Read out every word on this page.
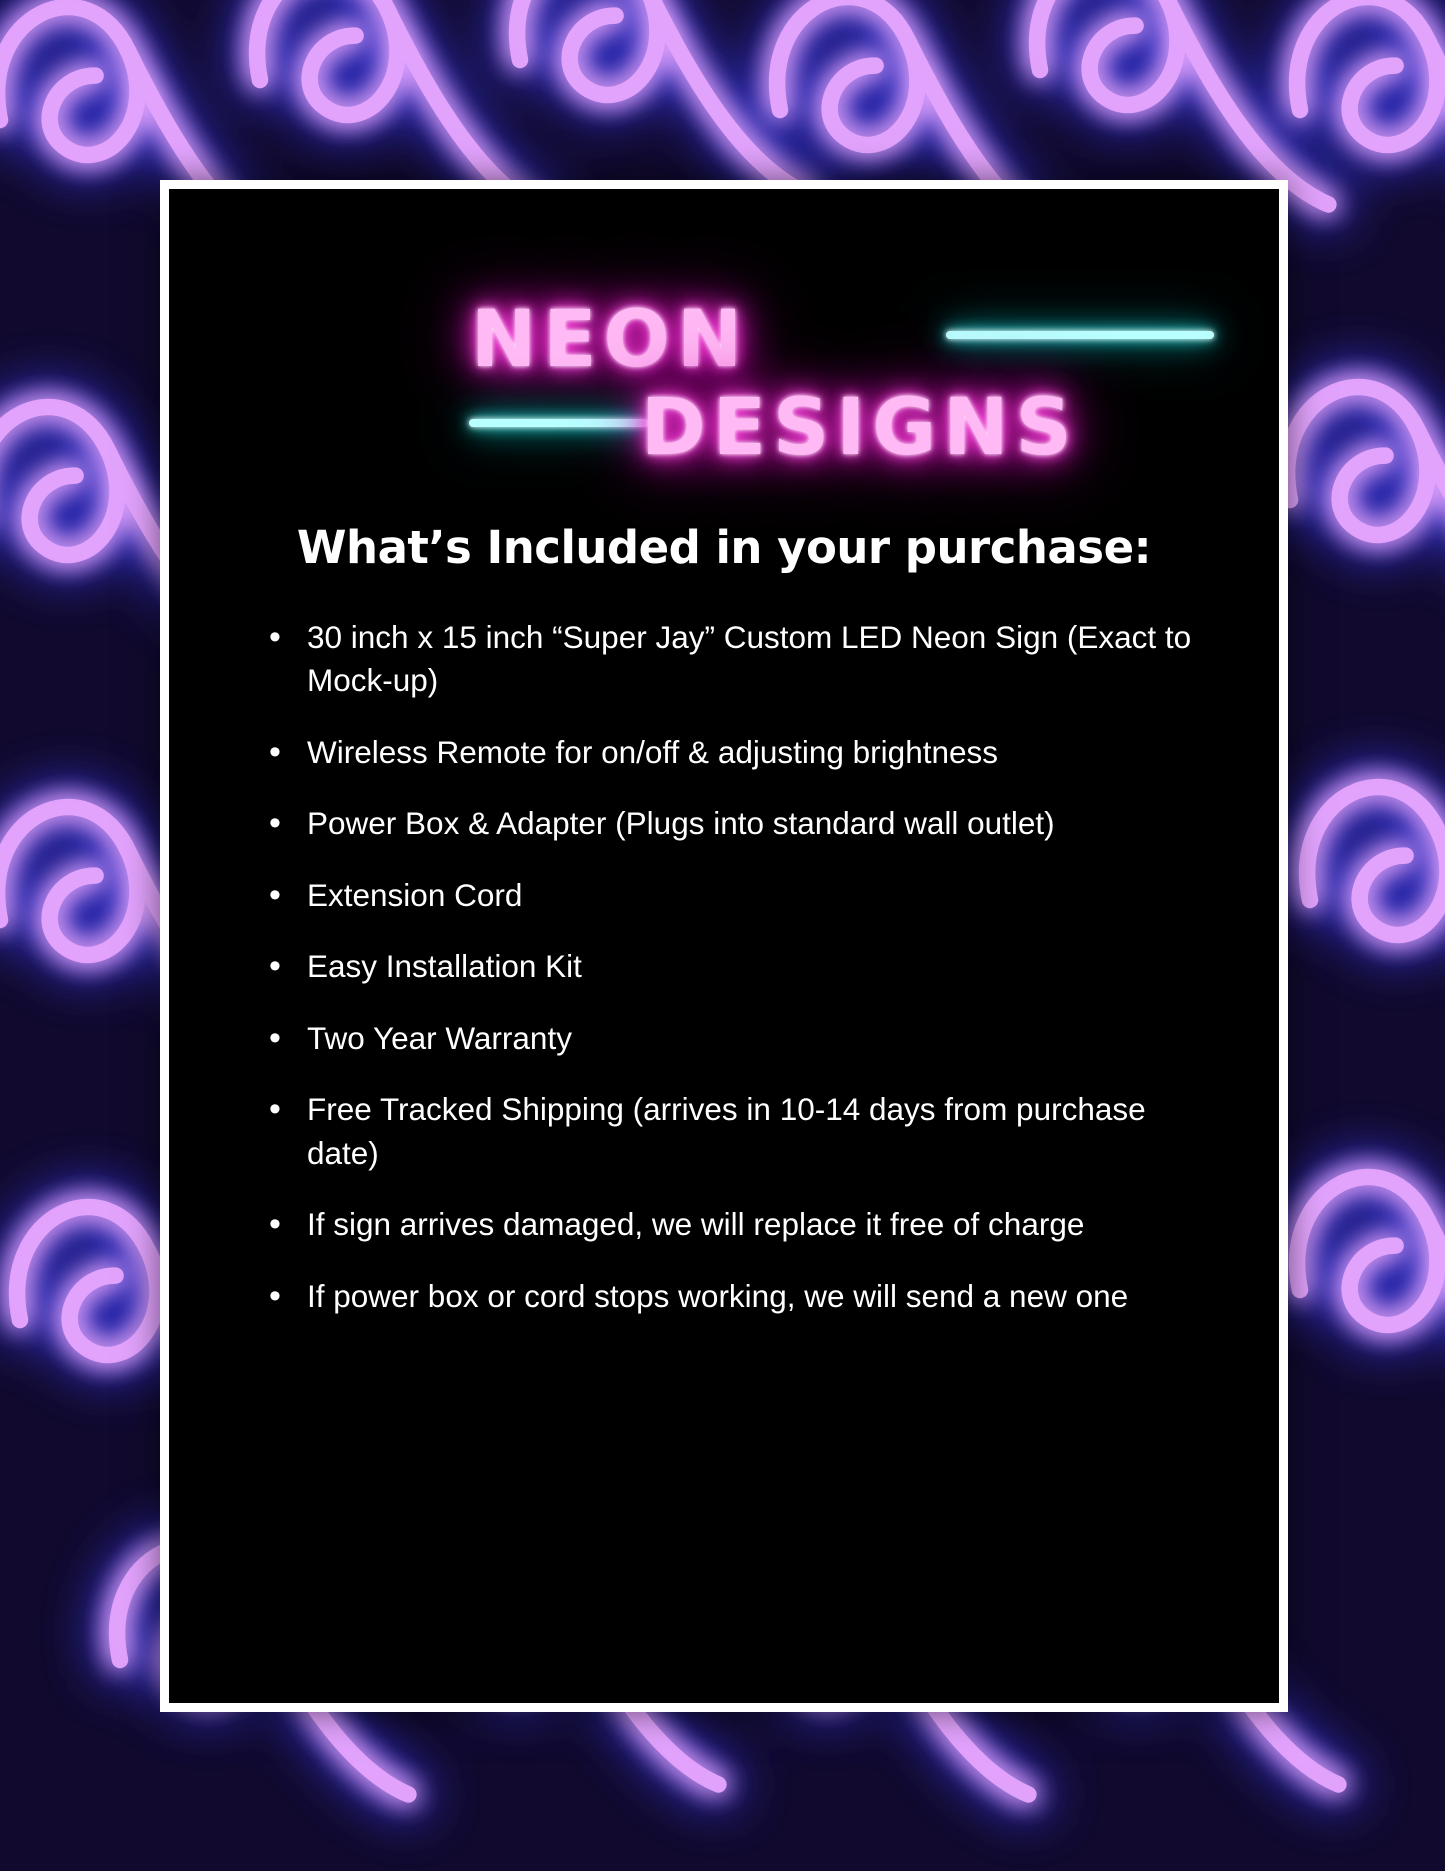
NEON
DESIGNS
What’s Included in your purchase:
• 30 inch x 15 inch “Super Jay” Custom LED Neon Sign (Exact to Mock-up)
• Wireless Remote for on/off & adjusting brightness
• Power Box & Adapter (Plugs into standard wall outlet)
• Extension Cord
• Easy Installation Kit
• Two Year Warranty
• Free Tracked Shipping (arrives in 10-14 days from purchase date)
• If sign arrives damaged, we will replace it free of charge
• If power box or cord stops working, we will send a new one
